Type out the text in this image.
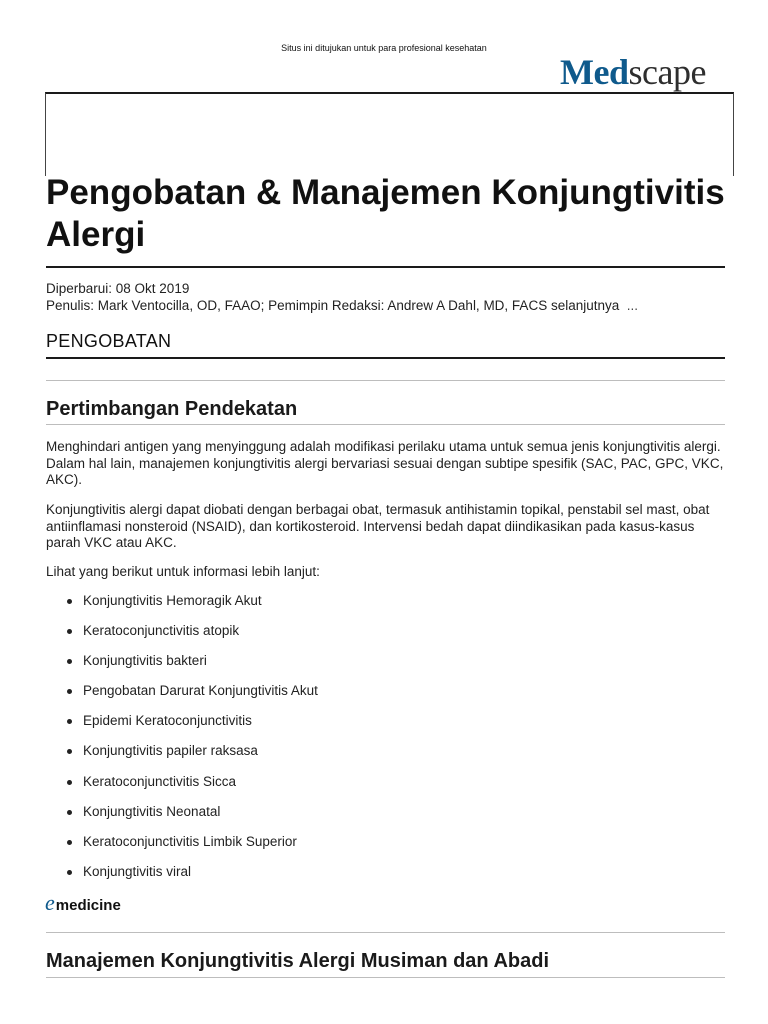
Situs ini ditujukan untuk para profesional kesehatan
Medscape
Pengobatan & Manajemen Konjungtivitis Alergi
Diperbarui: 08 Okt 2019
Penulis: Mark Ventocilla, OD, FAAO; Pemimpin Redaksi: Andrew A Dahl, MD, FACS selanjutnya ...
PENGOBATAN
Pertimbangan Pendekatan

Menghindari antigen yang menyinggung adalah modifikasi perilaku utama untuk semua jenis konjungtivitis alergi. Dalam hal lain, manajemen konjungtivitis alergi bervariasi sesuai dengan subtipe spesifik (SAC, PAC, GPC, VKC, AKC).

Konjungtivitis alergi dapat diobati dengan berbagai obat, termasuk antihistamin topikal, penstabil sel mast, obat antiinflamasi nonsteroid (NSAID), dan kortikosteroid. Intervensi bedah dapat diindikasikan pada kasus-kasus parah VKC atau AKC.

Lihat yang berikut untuk informasi lebih lanjut:

Konjungtivitis Hemoragik Akut
Keratoconjunctivitis atopik
Konjungtivitis bakteri
Pengobatan Darurat Konjungtivitis Akut
Epidemi Keratoconjunctivitis
Konjungtivitis papiler raksasa
Keratoconjunctivitis Sicca
Konjungtivitis Neonatal
Keratoconjunctivitis Limbik Superior
Konjungtivitis viral
emedicine
Manajemen Konjungtivitis Alergi Musiman dan Abadi
